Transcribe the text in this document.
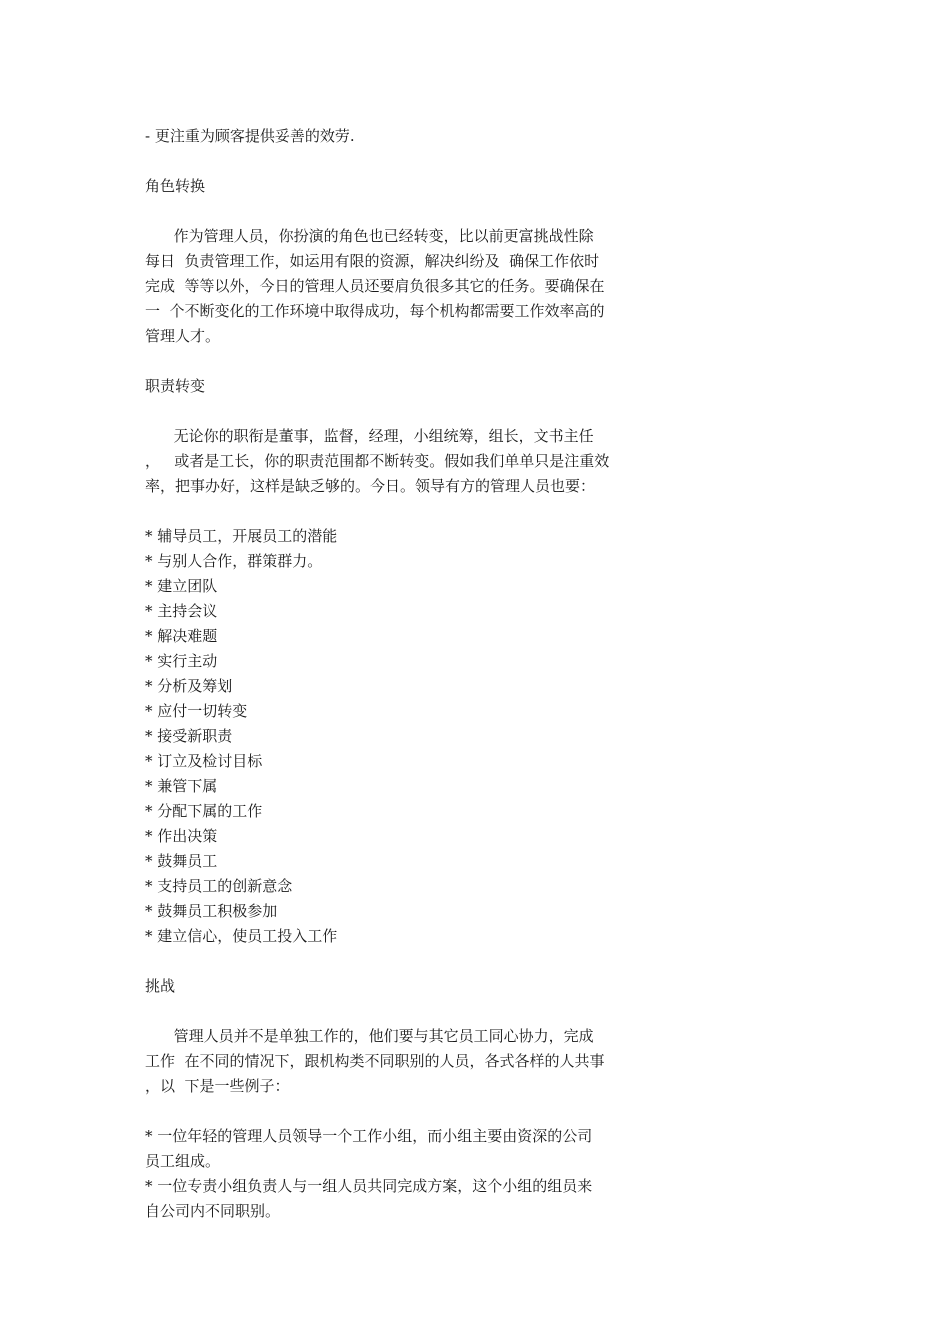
- 更注重为顾客提供妥善的效劳.
角色转换
作为管理人员，你扮演的角色也已经转变，比以前更富挑战性除
每日  负责管理工作，如运用有限的资源，解决纠纷及  确保工作依时
完成  等等以外，今日的管理人员还要肩负很多其它的任务。要确保在
一  个不断变化的工作环境中取得成功，每个机构都需要工作效率高的
管理人才。
职责转变
无论你的职衔是董事，监督，经理，小组统筹，组长，文书主任
，   或者是工长，你的职责范围都不断转变。假如我们单单只是注重效
率，把事办好，这样是缺乏够的。今日。领导有方的管理人员也要：
* 辅导员工，开展员工的潜能
* 与别人合作，群策群力。
* 建立团队
* 主持会议
* 解决难题
* 实行主动
* 分析及筹划
* 应付一切转变
* 接受新职责
* 订立及检讨目标
* 兼管下属
* 分配下属的工作
* 作出决策
* 鼓舞员工
* 支持员工的创新意念
* 鼓舞员工积极参加
* 建立信心，使员工投入工作
挑战
管理人员并不是单独工作的，他们要与其它员工同心协力，完成
工作  在不同的情况下，跟机构类不同职别的人员，各式各样的人共事
，以  下是一些例子：
* 一位年轻的管理人员领导一个工作小组，而小组主要由资深的公司
员工组成。
* 一位专责小组负责人与一组人员共同完成方案，这个小组的组员来
自公司内不同职别。
